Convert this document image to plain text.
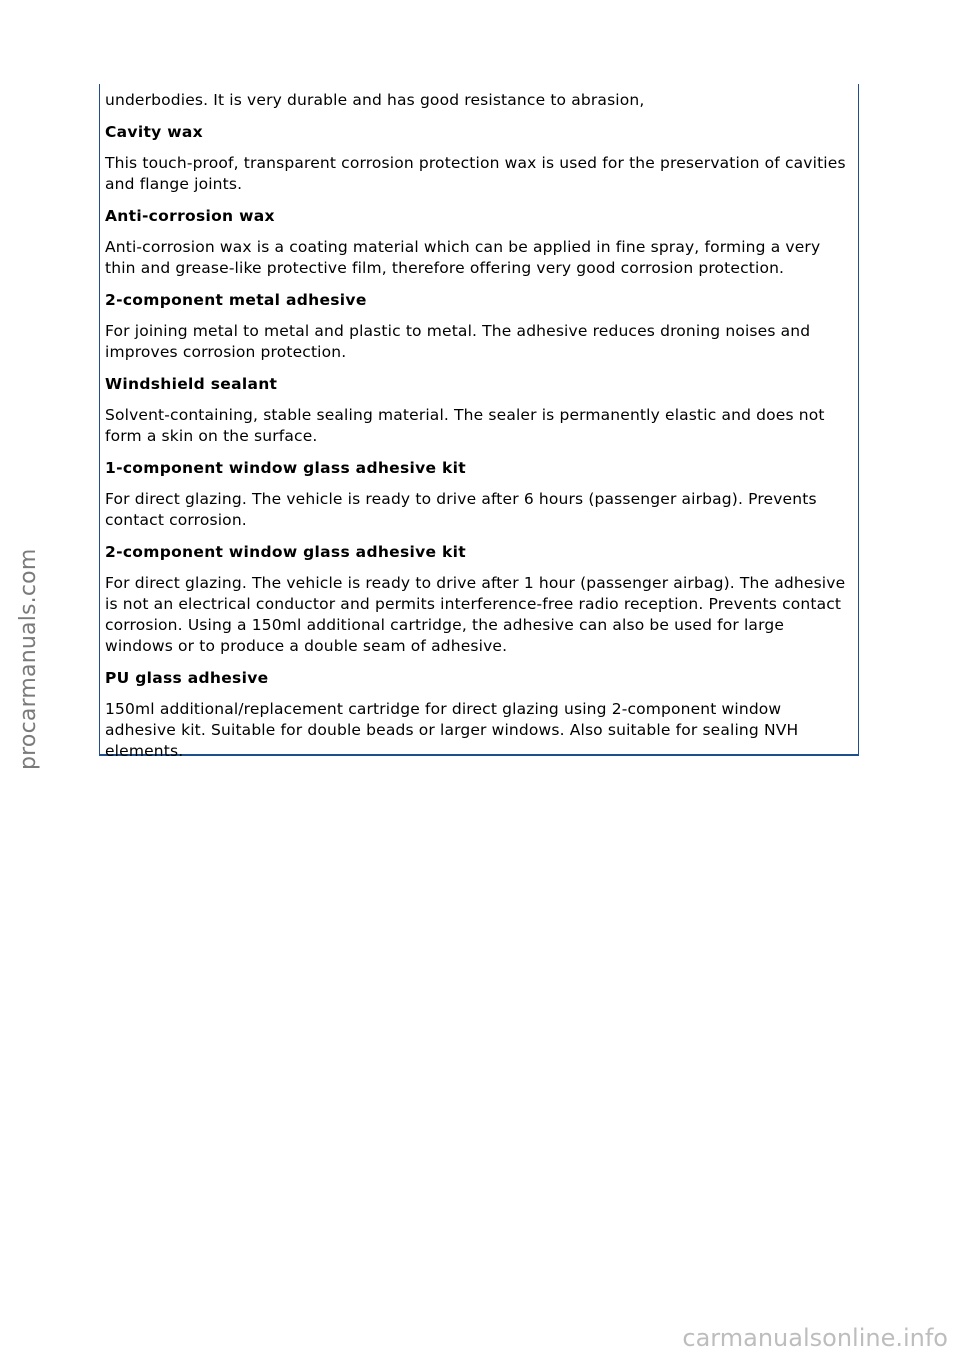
underbodies. It is very durable and has good resistance to abrasion,

Cavity wax

This touch-proof, transparent corrosion protection wax is used for the preservation of cavities and flange joints.

Anti-corrosion wax

Anti-corrosion wax is a coating material which can be applied in fine spray, forming a very thin and grease-like protective film, therefore offering very good corrosion protection.

2-component metal adhesive

For joining metal to metal and plastic to metal. The adhesive reduces droning noises and improves corrosion protection.

Windshield sealant

Solvent-containing, stable sealing material. The sealer is permanently elastic and does not form a skin on the surface.

1-component window glass adhesive kit

For direct glazing. The vehicle is ready to drive after 6 hours (passenger airbag). Prevents contact corrosion.

2-component window glass adhesive kit

For direct glazing. The vehicle is ready to drive after 1 hour (passenger airbag). The adhesive is not an electrical conductor and permits interference-free radio reception. Prevents contact corrosion. Using a 150ml additional cartridge, the adhesive can also be used for large windows or to produce a double seam of adhesive.

PU glass adhesive

150ml additional/replacement cartridge for direct glazing using 2-component window adhesive kit. Suitable for double beads or larger windows. Also suitable for sealing NVH elements.

procarmanuals.com
carmanualsonline.info
